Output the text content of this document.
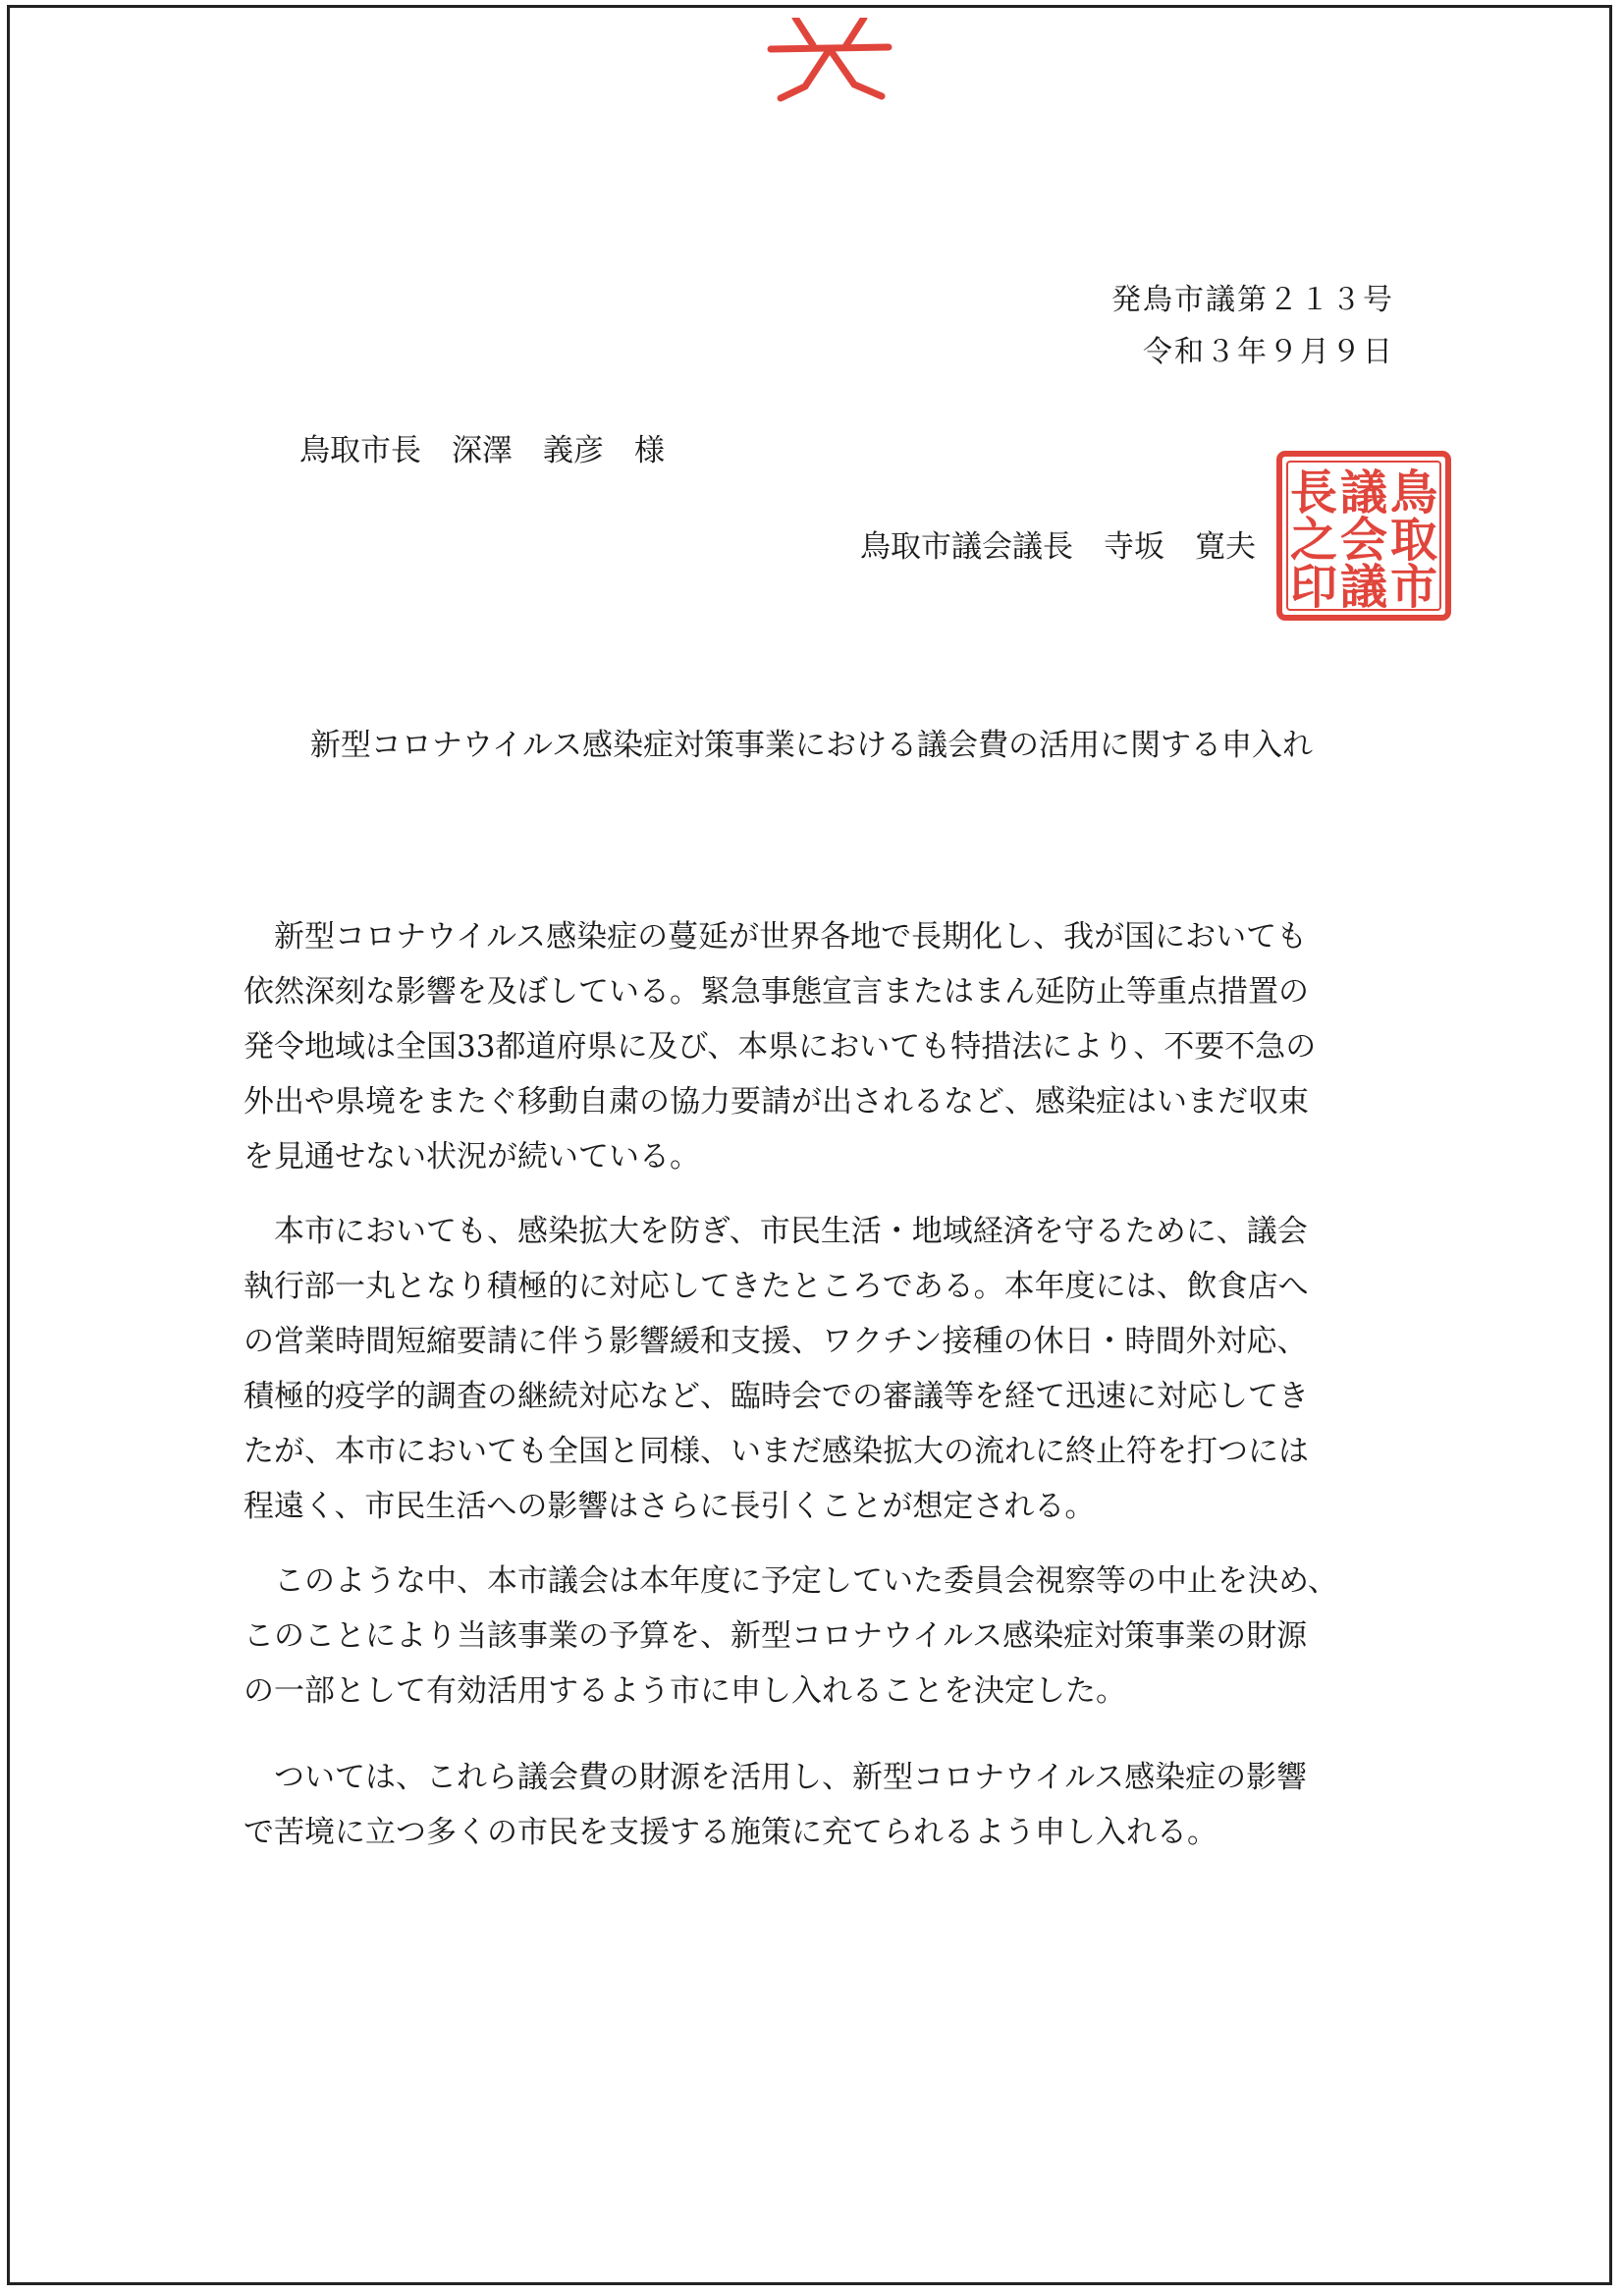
発鳥市議第２１３号
令和３年９月９日
鳥取市長　深澤　義彦　様
鳥取市議会議長　寺坂　寛夫
鳥
取
市
議
会
議
長
之
印
新型コロナウイルス感染症対策事業における議会費の活用に関する申入れ
　新型コロナウイルス感染症の蔓延が世界各地で長期化し、我が国においても
依然深刻な影響を及ぼしている。緊急事態宣言またはまん延防止等重点措置の
発令地域は全国33都道府県に及び、本県においても特措法により、不要不急の
外出や県境をまたぐ移動自粛の協力要請が出されるなど、感染症はいまだ収束
を見通せない状況が続いている。
　本市においても、感染拡大を防ぎ、市民生活・地域経済を守るために、議会
執行部一丸となり積極的に対応してきたところである。本年度には、飲食店へ
の営業時間短縮要請に伴う影響緩和支援、ワクチン接種の休日・時間外対応、
積極的疫学的調査の継続対応など、臨時会での審議等を経て迅速に対応してき
たが、本市においても全国と同様、いまだ感染拡大の流れに終止符を打つには
程遠く、市民生活への影響はさらに長引くことが想定される。
　このような中、本市議会は本年度に予定していた委員会視察等の中止を決め、
このことにより当該事業の予算を、新型コロナウイルス感染症対策事業の財源
の一部として有効活用するよう市に申し入れることを決定した。
　ついては、これら議会費の財源を活用し、新型コロナウイルス感染症の影響
で苦境に立つ多くの市民を支援する施策に充てられるよう申し入れる。
